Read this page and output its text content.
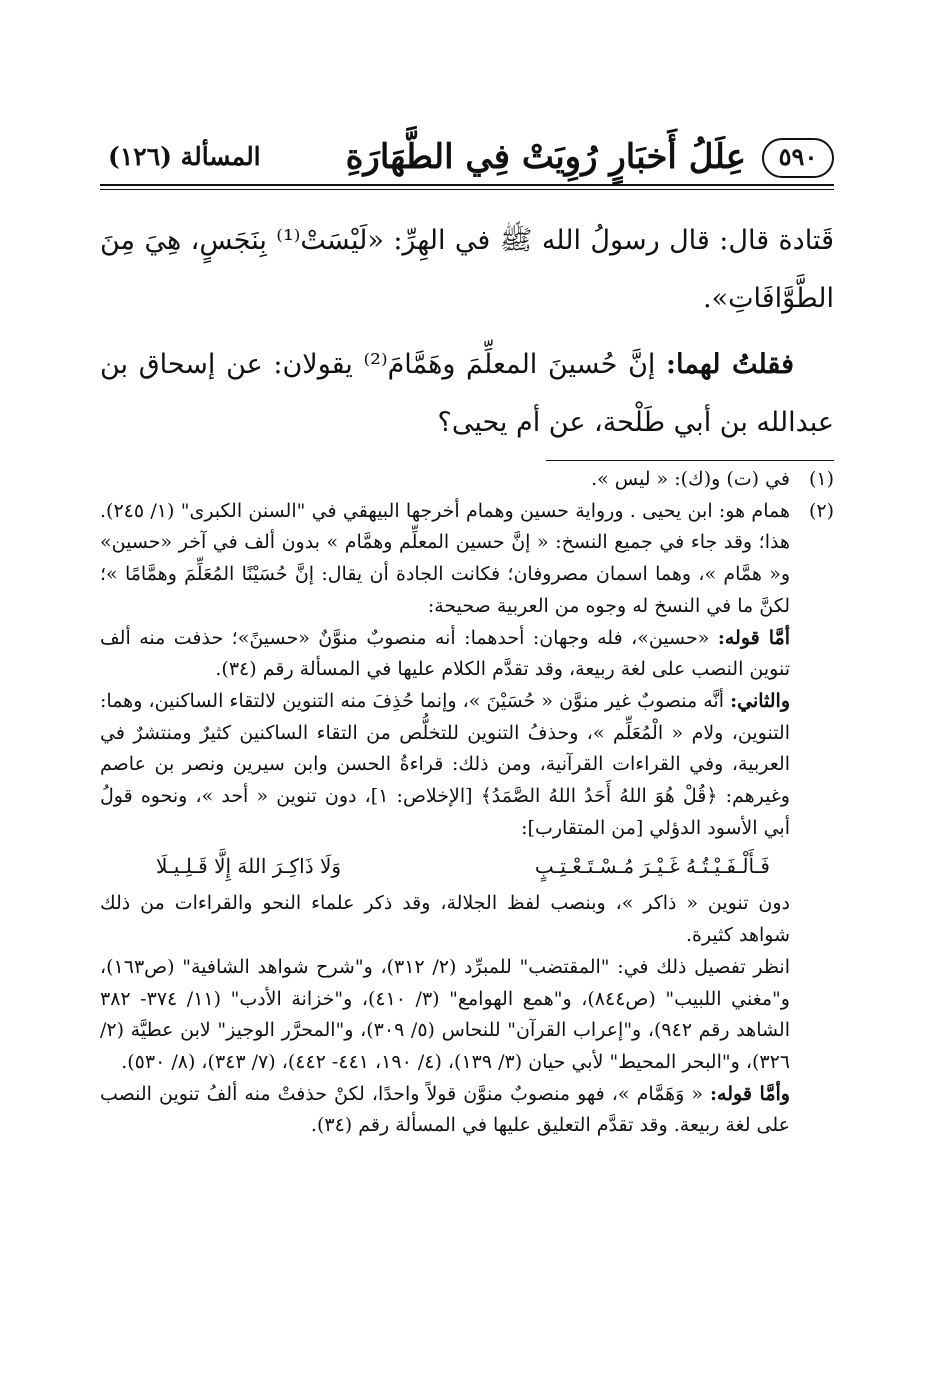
٥٩٠
عِلَلُ أَخبَارٍ رُوِيَتْ فِي الطَّهَارَةِ
المسألة (١٢٦)

قَتادة قال: قال رسولُ الله ﷺ في الهِرِّ: «لَيْسَتْ⁽¹⁾ بِنَجَسٍ، هِيَ مِنَ الطَّوَّافَاتِ».

فقلتُ لهما: إنَّ حُسينَ المعلِّمَ وهَمَّامَ⁽²⁾ يقولان: عن إسحاق بن عبدالله بن أبي طَلْحة، عن أم يحيى؟

(١)

في (ت) و(ك): « ليس ».

(٢)

همام هو: ابن يحيى . ورواية حسين وهمام أخرجها البيهقي في "السنن الكبرى" (١/ ٢٤٥). هذا؛ وقد جاء في جميع النسخ: « إنَّ حسين المعلِّم وهمَّام » بدون ألف في آخر «حسين» و« همَّام »، وهما اسمان مصروفان؛ فكانت الجادة أن يقال: إنَّ حُسَيْنًا المُعَلِّمَ وهمَّامًا »؛ لكنَّ ما في النسخ له وجوه من العربية صحيحة:

أمَّا قوله: «حسين»، فله وجهان: أحدهما: أنه منصوبٌ منوَّنٌ «حسينً»؛ حذفت منه ألف تنوين النصب على لغة ربيعة، وقد تقدَّم الكلام عليها في المسألة رقم (٣٤).

والثاني: أنَّه منصوبٌ غير منوَّن « حُسَيْنَ »، وإنما حُذِفَ منه التنوين لالتقاء الساكنين، وهما: التنوين، ولام « الْمُعَلِّم »، وحذفُ التنوين للتخلُّص من التقاء الساكنين كثيرٌ ومنتشرٌ في العربية، وفي القراءات القرآنية، ومن ذلك: قراءةُ الحسن وابن سيرين ونصر بن عاصم وغيرهم: ﴿قُلْ هُوَ اللهُ أَحَدُ اللهُ الصَّمَدُ﴾ [الإخلاص: ١]، دون تنوين « أحد »، ونحوه قولُ أبي الأسود الدؤلي [من المتقارب]:

فَـأَلْـفَـيْـتُـهُ غَـيْـرَ مُـسْـتَـعْـتِـبٍ
وَلَا ذَاكِـرَ اللهَ إِلَّا قَـلِـيـلَا

دون تنوين « ذاكر »، وبنصب لفظ الجلالة، وقد ذكر علماء النحو والقراءات من ذلك شواهد كثيرة.

انظر تفصيل ذلك في: "المقتضب" للمبرِّد (٢/ ٣١٢)، و"شرح شواهد الشافية" (ص١٦٣)، و"مغني اللبيب" (ص٨٤٤)، و"همع الهوامع" (٣/ ٤١٠)، و"خزانة الأدب" (١١/ ٣٧٤- ٣٨٢ الشاهد رقم ٩٤٢)، و"إعراب القرآن" للنحاس (٥/ ٣٠٩)، و"المحرَّر الوجيز" لابن عطيَّة (٢/ ٣٢٦)، و"البحر المحيط" لأبي حيان (٣/ ١٣٩)، (٤/ ١٩٠، ٤٤١- ٤٤٢)، (٧/ ٣٤٣)، (٨/ ٥٣٠).

وأمَّا قوله: « وَهَمَّام »، فهو منصوبٌ منوَّن قولاً واحدًا، لكنْ حذفتْ منه ألفُ تنوين النصب على لغة ربيعة. وقد تقدَّم التعليق عليها في المسألة رقم (٣٤).
